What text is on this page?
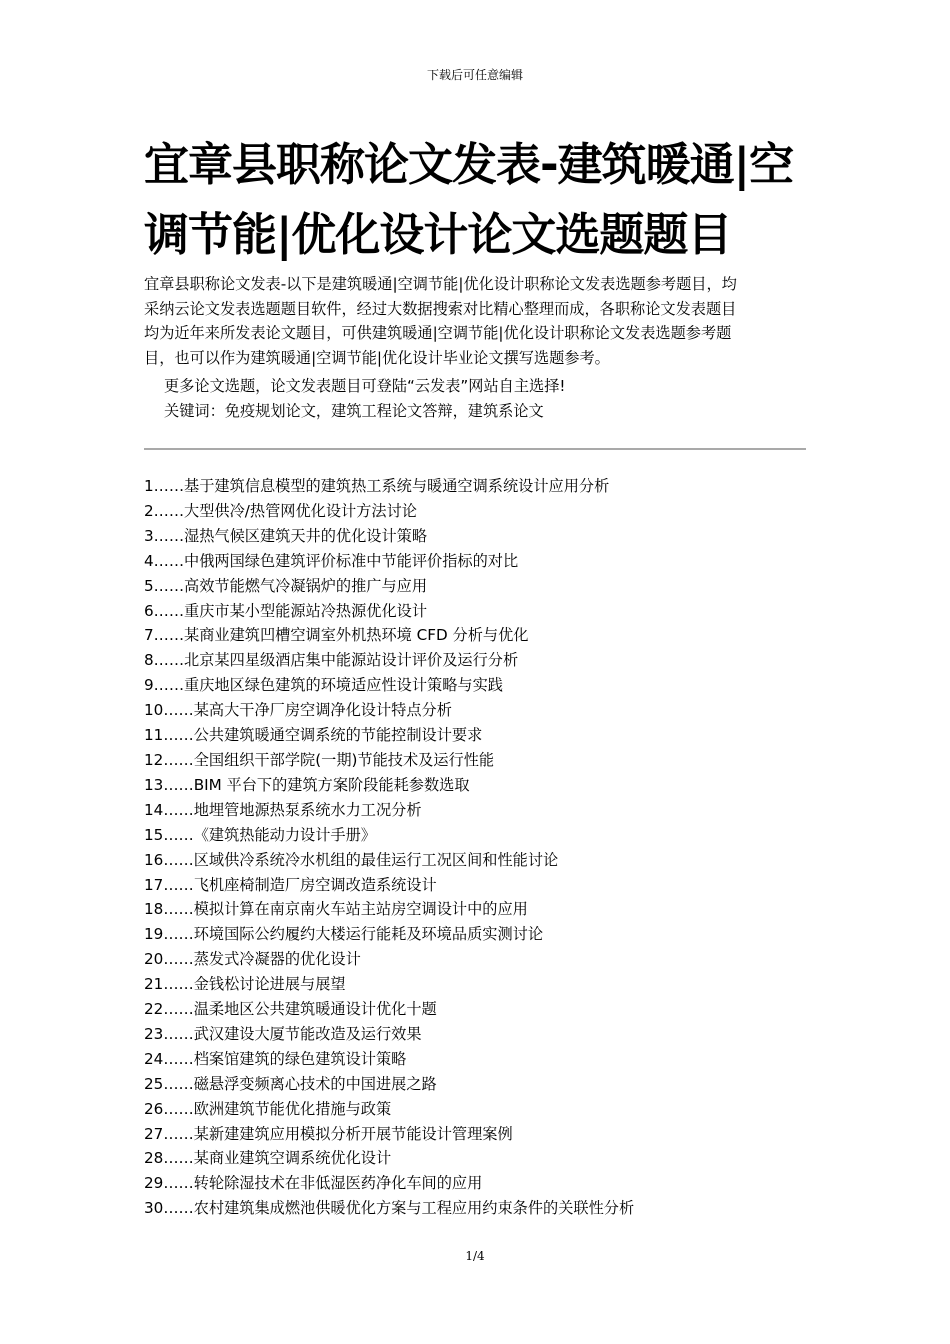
下载后可任意编辑
宜章县职称论文发表-建筑暖通|空调节能|优化设计论文选题题目

宜章县职称论文发表-以下是建筑暖通|空调节能|优化设计职称论文发表选题参考题目，均
采纳云论文发表选题题目软件，经过大数据搜索对比精心整理而成，各职称论文发表题目
均为近年来所发表论文题目，可供建筑暖通|空调节能|优化设计职称论文发表选题参考题
目，也可以作为建筑暖通|空调节能|优化设计毕业论文撰写选题参考。

更多论文选题，论文发表题目可登陆“云发表”网站自主选择!
关键词：免疫规划论文，建筑工程论文答辩，建筑系论文
1……基于建筑信息模型的建筑热工系统与暖通空调系统设计应用分析
2……大型供冷/热管网优化设计方法讨论
3……湿热气候区建筑天井的优化设计策略
4……中俄两国绿色建筑评价标准中节能评价指标的对比
5……高效节能燃气冷凝锅炉的推广与应用
6……重庆市某小型能源站冷热源优化设计
7……某商业建筑凹槽空调室外机热环境 CFD 分析与优化
8……北京某四星级酒店集中能源站设计评价及运行分析
9……重庆地区绿色建筑的环境适应性设计策略与实践
10……某高大干净厂房空调净化设计特点分析
11……公共建筑暖通空调系统的节能控制设计要求
12……全国组织干部学院(一期)节能技术及运行性能
13……BIM 平台下的建筑方案阶段能耗参数选取
14……地埋管地源热泵系统水力工况分析
15……《建筑热能动力设计手册》
16……区域供冷系统冷水机组的最佳运行工况区间和性能讨论
17……飞机座椅制造厂房空调改造系统设计
18……模拟计算在南京南火车站主站房空调设计中的应用
19……环境国际公约履约大楼运行能耗及环境品质实测讨论
20……蒸发式冷凝器的优化设计
21……金钱松讨论进展与展望
22……温柔地区公共建筑暖通设计优化十题
23……武汉建设大厦节能改造及运行效果
24……档案馆建筑的绿色建筑设计策略
25……磁悬浮变频离心技术的中国进展之路
26……欧洲建筑节能优化措施与政策
27……某新建建筑应用模拟分析开展节能设计管理案例
28……某商业建筑空调系统优化设计
29……转轮除湿技术在非低湿医药净化车间的应用
30……农村建筑集成燃池供暖优化方案与工程应用约束条件的关联性分析
1/4
